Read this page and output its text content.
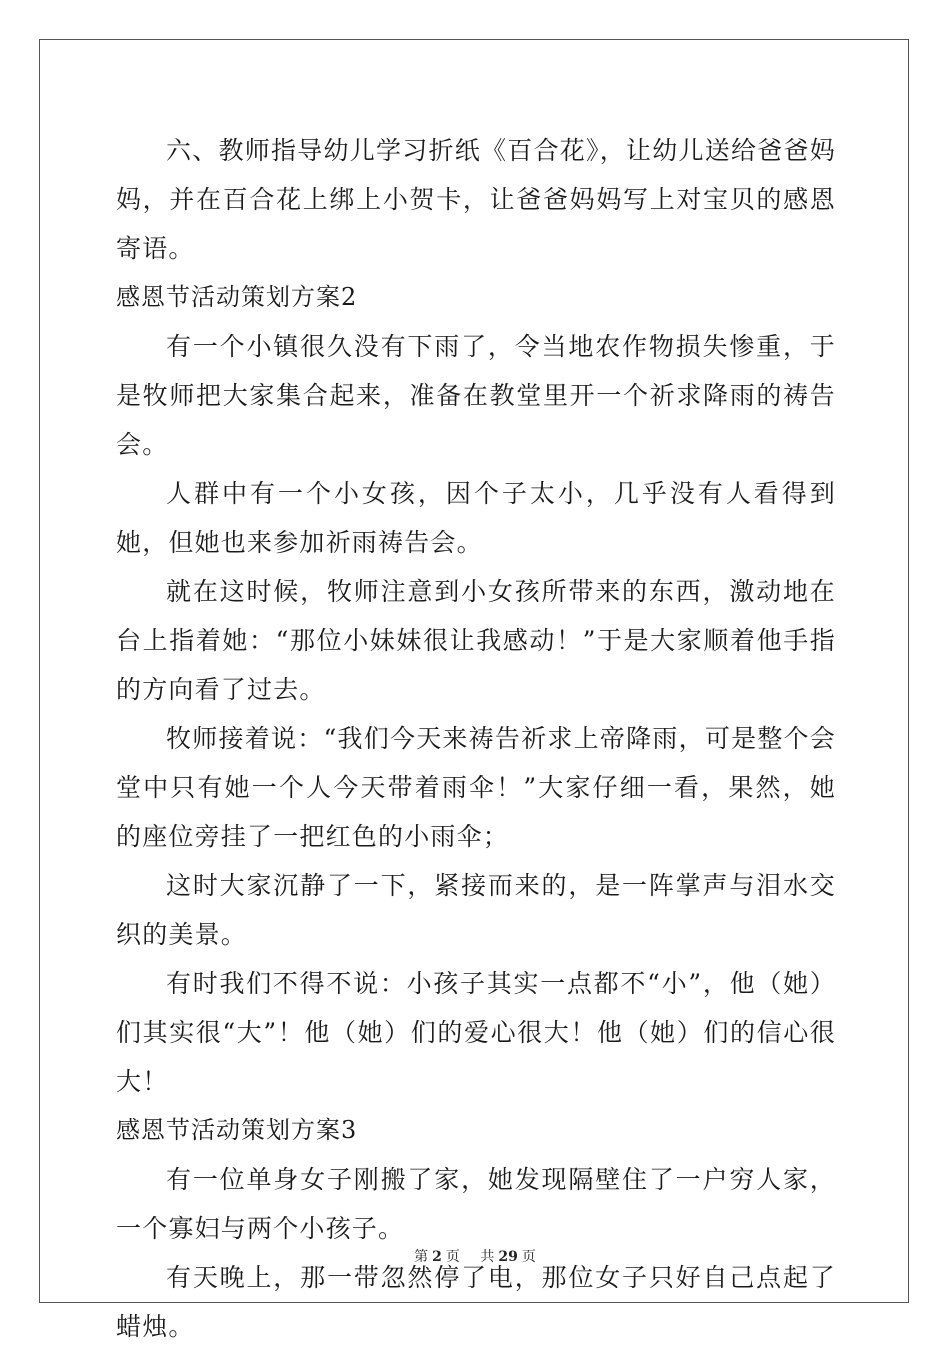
六、教师指导幼儿学习折纸《百合花》，让幼儿送给爸爸妈妈，并在百合花上绑上小贺卡，让爸爸妈妈写上对宝贝的感恩寄语。

感恩节活动策划方案2

有一个小镇很久没有下雨了，令当地农作物损失惨重，于是牧师把大家集合起来，准备在教堂里开一个祈求降雨的祷告会。

人群中有一个小女孩，因个子太小，几乎没有人看得到她，但她也来参加祈雨祷告会。

就在这时候，牧师注意到小女孩所带来的东西，激动地在台上指着她：“那位小妹妹很让我感动！”于是大家顺着他手指的方向看了过去。

牧师接着说：“我们今天来祷告祈求上帝降雨，可是整个会堂中只有她一个人今天带着雨伞！”大家仔细一看，果然，她的座位旁挂了一把红色的小雨伞；

这时大家沉静了一下，紧接而来的，是一阵掌声与泪水交织的美景。

有时我们不得不说：小孩子其实一点都不“小”，他（她）们其实很“大”！他（她）们的爱心很大！他（她）们的信心很大！

感恩节活动策划方案3

有一位单身女子刚搬了家，她发现隔壁住了一户穷人家，一个寡妇与两个小孩子。

有天晚上，那一带忽然停了电，那位女子只好自己点起了蜡烛。

第 2 页 共 29 页
